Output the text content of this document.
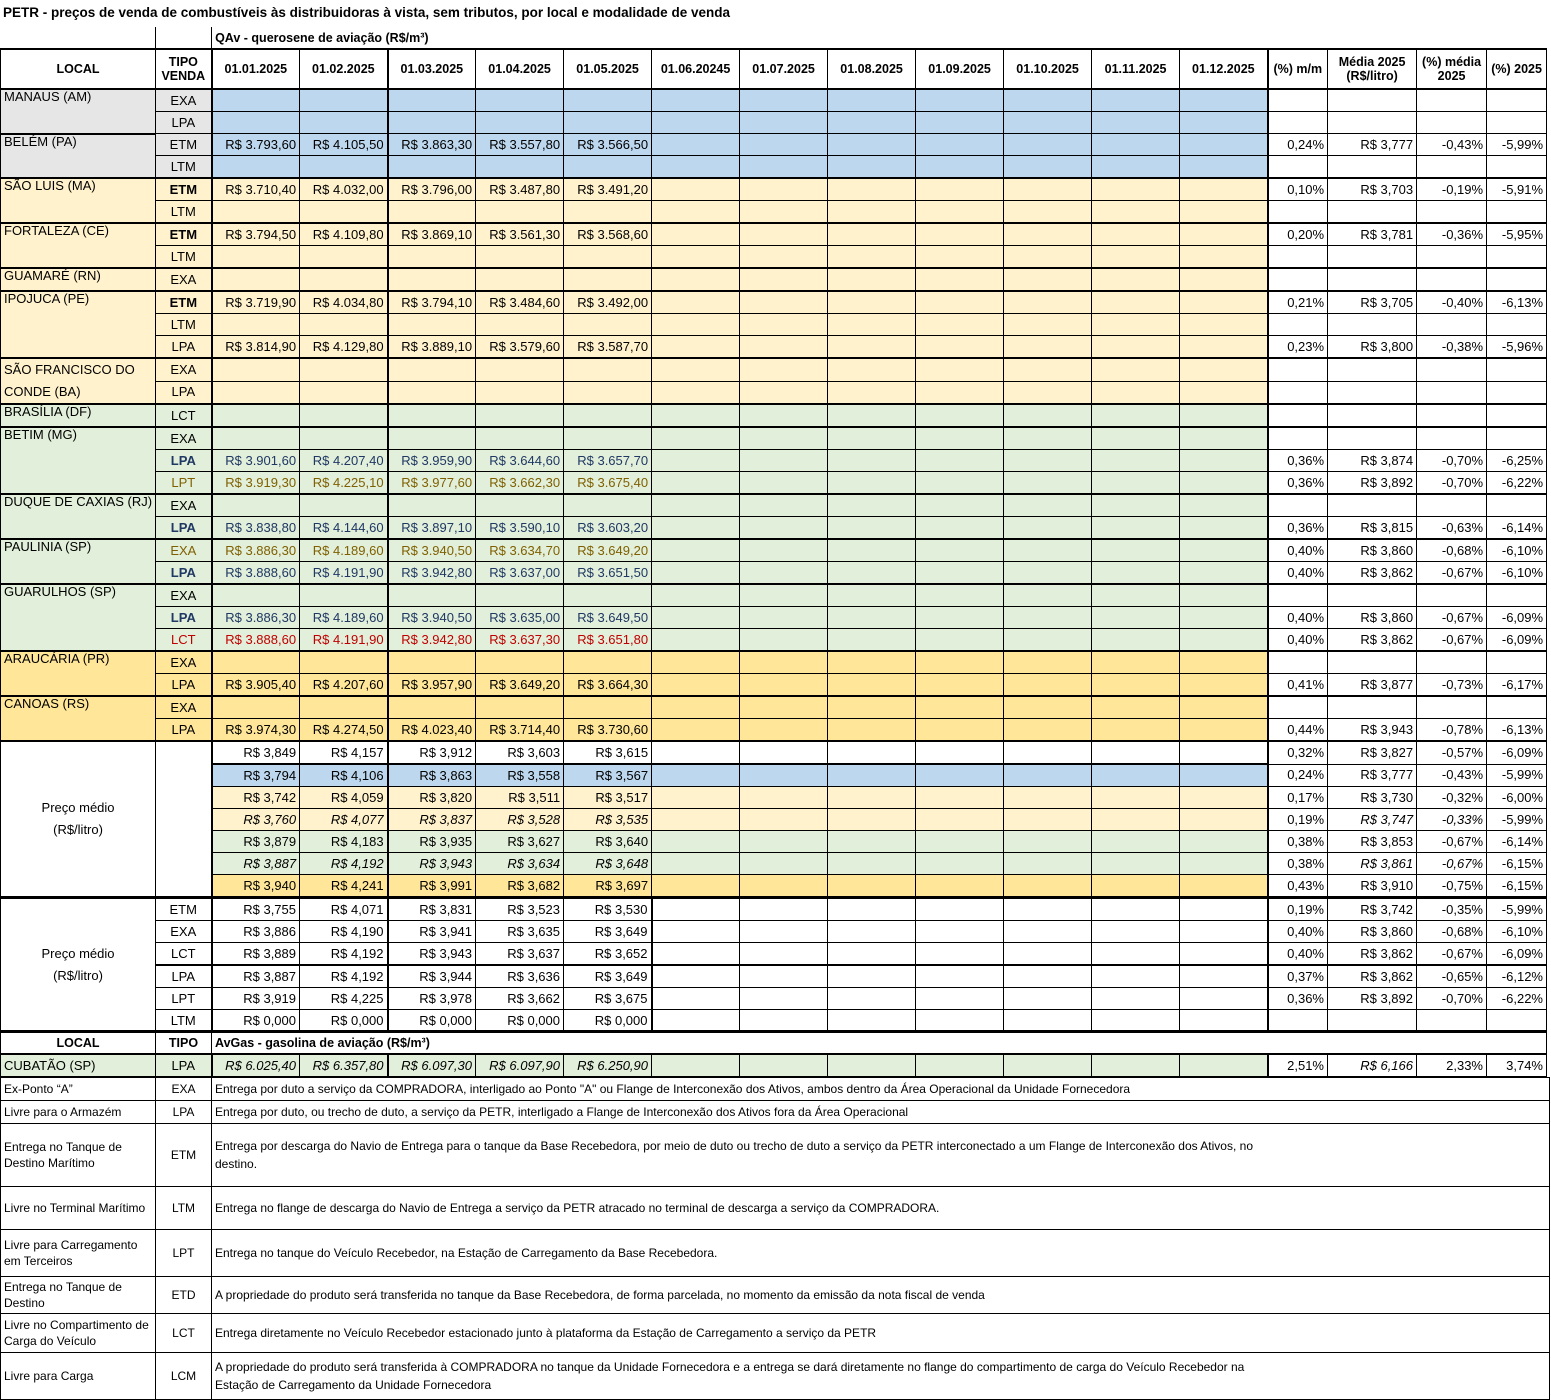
PETR - preços de venda de combustíveis às distribuidoras à vista, sem tributos, por local e modalidade de venda
		QAv - querosene de aviação (R$/m³)															
LOCAL	TIPO VENDA	01.01.2025	01.02.2025	01.03.2025	01.04.2025	01.05.2025	01.06.20245	01.07.2025	01.08.2025	01.09.2025	01.10.2025	01.11.2025	01.12.2025	(%) m/m	Média 2025 (R$/litro)	(%) média 2025	(%) 2025
MANAUS (AM)	EXA																
	LPA																
BELÉM (PA)	ETM	R$ 3.793,60	R$ 4.105,50	R$ 3.863,30	R$ 3.557,80	R$ 3.566,50								0,24%	R$ 3,777	-0,43%	-5,99%
	LTM																
SÃO LUIS (MA)	ETM	R$ 3.710,40	R$ 4.032,00	R$ 3.796,00	R$ 3.487,80	R$ 3.491,20								0,10%	R$ 3,703	-0,19%	-5,91%
	LTM																
FORTALEZA (CE)	ETM	R$ 3.794,50	R$ 4.109,80	R$ 3.869,10	R$ 3.561,30	R$ 3.568,60								0,20%	R$ 3,781	-0,36%	-5,95%
	LTM																
GUAMARÉ (RN)	EXA																
IPOJUCA (PE)	ETM	R$ 3.719,90	R$ 4.034,80	R$ 3.794,10	R$ 3.484,60	R$ 3.492,00								0,21%	R$ 3,705	-0,40%	-6,13%
	LTM																
	LPA	R$ 3.814,90	R$ 4.129,80	R$ 3.889,10	R$ 3.579,60	R$ 3.587,70								0,23%	R$ 3,800	-0,38%	-5,96%
SÃO FRANCISCO DO CONDE (BA)	EXA																
	LPA																
BRASÍLIA (DF)	LCT																
BETIM (MG)	EXA																
	LPA	R$ 3.901,60	R$ 4.207,40	R$ 3.959,90	R$ 3.644,60	R$ 3.657,70								0,36%	R$ 3,874	-0,70%	-6,25%
	LPT	R$ 3.919,30	R$ 4.225,10	R$ 3.977,60	R$ 3.662,30	R$ 3.675,40								0,36%	R$ 3,892	-0,70%	-6,22%
DUQUE DE CAXIAS (RJ)	EXA																
	LPA	R$ 3.838,80	R$ 4.144,60	R$ 3.897,10	R$ 3.590,10	R$ 3.603,20								0,36%	R$ 3,815	-0,63%	-6,14%
PAULINIA (SP)	EXA	R$ 3.886,30	R$ 4.189,60	R$ 3.940,50	R$ 3.634,70	R$ 3.649,20								0,40%	R$ 3,860	-0,68%	-6,10%
	LPA	R$ 3.888,60	R$ 4.191,90	R$ 3.942,80	R$ 3.637,00	R$ 3.651,50								0,40%	R$ 3,862	-0,67%	-6,10%
GUARULHOS (SP)	EXA																
	LPA	R$ 3.886,30	R$ 4.189,60	R$ 3.940,50	R$ 3.635,00	R$ 3.649,50								0,40%	R$ 3,860	-0,67%	-6,09%
	LCT	R$ 3.888,60	R$ 4.191,90	R$ 3.942,80	R$ 3.637,30	R$ 3.651,80								0,40%	R$ 3,862	-0,67%	-6,09%
ARAUCÁRIA (PR)	EXA																
	LPA	R$ 3.905,40	R$ 4.207,60	R$ 3.957,90	R$ 3.649,20	R$ 3.664,30								0,41%	R$ 3,877	-0,73%	-6,17%
CANOAS (RS)	EXA																
	LPA	R$ 3.974,30	R$ 4.274,50	R$ 4.023,40	R$ 3.714,40	R$ 3.730,60								0,44%	R$ 3,943	-0,78%	-6,13%
Preço médio (R$/litro)		R$ 3,849	R$ 4,157	R$ 3,912	R$ 3,603	R$ 3,615								0,32%	R$ 3,827	-0,57%	-6,09%
		R$ 3,794	R$ 4,106	R$ 3,863	R$ 3,558	R$ 3,567								0,24%	R$ 3,777	-0,43%	-5,99%
		R$ 3,742	R$ 4,059	R$ 3,820	R$ 3,511	R$ 3,517								0,17%	R$ 3,730	-0,32%	-6,00%
		R$ 3,760	R$ 4,077	R$ 3,837	R$ 3,528	R$ 3,535								0,19%	R$ 3,747	-0,33%	-5,99%
		R$ 3,879	R$ 4,183	R$ 3,935	R$ 3,627	R$ 3,640								0,38%	R$ 3,853	-0,67%	-6,14%
		R$ 3,887	R$ 4,192	R$ 3,943	R$ 3,634	R$ 3,648								0,38%	R$ 3,861	-0,67%	-6,15%
		R$ 3,940	R$ 4,241	R$ 3,991	R$ 3,682	R$ 3,697								0,43%	R$ 3,910	-0,75%	-6,15%
Preço médio (R$/litro)	ETM	R$ 3,755	R$ 4,071	R$ 3,831	R$ 3,523	R$ 3,530								0,19%	R$ 3,742	-0,35%	-5,99%
	EXA	R$ 3,886	R$ 4,190	R$ 3,941	R$ 3,635	R$ 3,649								0,40%	R$ 3,860	-0,68%	-6,10%
	LCT	R$ 3,889	R$ 4,192	R$ 3,943	R$ 3,637	R$ 3,652								0,40%	R$ 3,862	-0,67%	-6,09%
	LPA	R$ 3,887	R$ 4,192	R$ 3,944	R$ 3,636	R$ 3,649								0,37%	R$ 3,862	-0,65%	-6,12%
	LPT	R$ 3,919	R$ 4,225	R$ 3,978	R$ 3,662	R$ 3,675								0,36%	R$ 3,892	-0,70%	-6,22%
	LTM	R$ 0,000	R$ 0,000	R$ 0,000	R$ 0,000	R$ 0,000											
LOCAL	TIPO	AvGas - gasolina de aviação (R$/m³)															
CUBATÃO (SP)	LPA	R$ 6.025,40	R$ 6.357,80	R$ 6.097,30	R$ 6.097,90	R$ 6.250,90								2,51%	R$ 6,166	2,33%	3,74%
Ex-Ponto “A”	EXA	Entrega por duto a serviço da COMPRADORA, interligado ao Ponto "A" ou Flange de Interconexão dos Ativos, ambos dentro da Área Operacional da Unidade Fornecedora
Livre para o Armazém	LPA	Entrega por duto, ou trecho de duto, a serviço da PETR, interligado a Flange de Interconexão dos Ativos fora da Área Operacional
Entrega no Tanque de Destino Marítimo	ETM	Entrega por descarga do Navio de Entrega para o tanque da Base Recebedora, por meio de duto ou trecho de duto a serviço da PETR interconectado a um Flange de Interconexão dos Ativos, no destino.
Livre no Terminal Marítimo	LTM	Entrega no flange de descarga do Navio de Entrega a serviço da PETR atracado no terminal de descarga a serviço da COMPRADORA.
Livre para Carregamento em Terceiros	LPT	Entrega no tanque do Veículo Recebedor, na Estação de Carregamento da Base Recebedora.
Entrega no Tanque de Destino	ETD	A propriedade do produto será transferida no tanque da Base Recebedora, de forma parcelada, no momento da emissão da nota fiscal de venda
Livre no Compartimento de Carga do Veículo	LCT	Entrega diretamente no Veículo Recebedor estacionado junto à plataforma da Estação de Carregamento a serviço da PETR
Livre para Carga	LCM	A propriedade do produto será transferida à COMPRADORA no tanque da Unidade Fornecedora e a entrega se dará diretamente no flange do compartimento de carga do Veículo Recebedor na Estação de Carregamento da Unidade Fornecedora
